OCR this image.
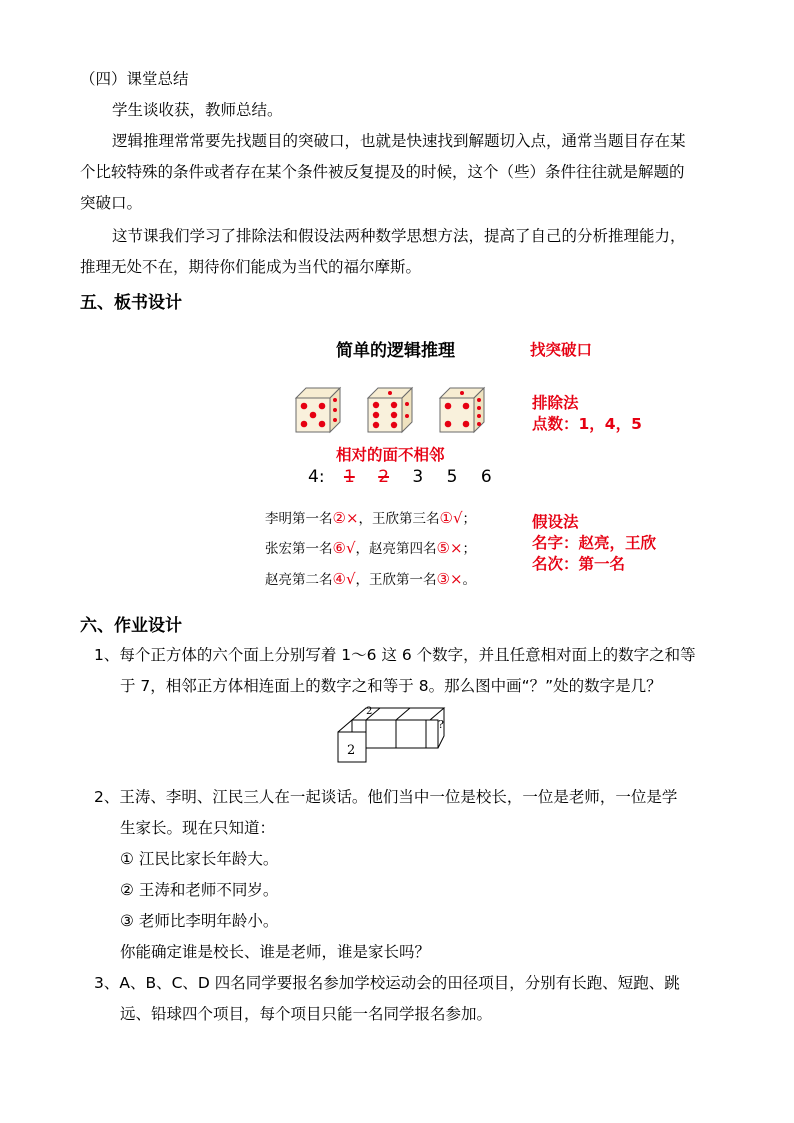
（四）课堂总结
学生谈收获，教师总结。
逻辑推理常常要先找题目的突破口，也就是快速找到解题切入点，通常当题目存在某
个比较特殊的条件或者存在某个条件被反复提及的时候，这个（些）条件往往就是解题的
突破口。
这节课我们学习了排除法和假设法两种数学思想方法，提高了自己的分析推理能力，
推理无处不在，期待你们能成为当代的福尔摩斯。
五、板书设计
简单的逻辑推理	找突破口
排除法
点数：1，4，5
相对的面不相邻
4: 1 2 3 5 6
李明第一名②×，王欣第三名①√；
张宏第一名⑥√，赵亮第四名⑤×；
赵亮第二名④√，王欣第一名③×。
假设法
名字：赵亮，王欣
名次：第一名
六、作业设计
1、每个正方体的六个面上分别写着 1～6 这 6 个数字，并且任意相对面上的数字之和等
于 7，相邻正方体相连面上的数字之和等于 8。那么图中画“？”处的数字是几？
2
2
?
2、王涛、李明、江民三人在一起谈话。他们当中一位是校长，一位是老师，一位是学
生家长。现在只知道：
① 江民比家长年龄大。
② 王涛和老师不同岁。
③ 老师比李明年龄小。
你能确定谁是校长、谁是老师，谁是家长吗？
3、A、B、C、D 四名同学要报名参加学校运动会的田径项目，分别有长跑、短跑、跳
远、铅球四个项目，每个项目只能一名同学报名参加。
